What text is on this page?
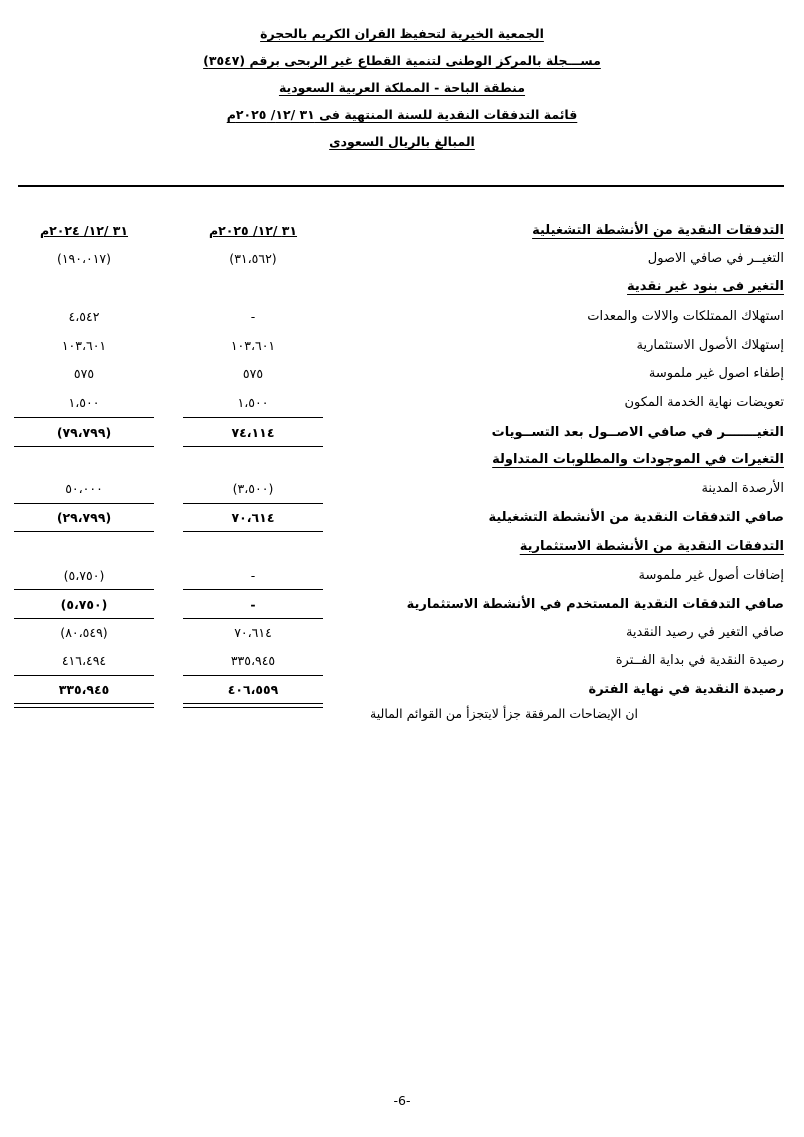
الجمعية الخيرية لتحفيظ القران الكريم بالحجرة
مســـجلة بالمركز الوطنى لتنمية القطاع غير الربحى برقم (٣٥٤٧)
منطقة الباحة - المملكة العربية السعودية
قائمة التدفقات النقدية للسنة المنتهية فى ٣١ /١٢/ ٢٠٢٥م
المبالغ بالريال السعودى
٣١ /١٢/ ٢٠٢٥م
٣١ /١٢/ ٢٠٢٤م	التدفقات النقدية من الأنشطة التشغيلية
التغيــر في صافي الاصول
(٣١،٥٦٢)
(١٩٠،٠١٧)
التغير فى بنود غير نقدية
استهلاك الممتلكات والالات والمعدات
-
٤،٥٤٢
إستهلاك الأصول الاستثمارية
١٠٣،٦٠١
١٠٣،٦٠١
إطفاء اصول غير ملموسة
٥٧٥
٥٧٥
تعويضات نهاية الخدمة المكون
١،٥٠٠
١،٥٠٠
التغيـــــــر في صافي الاصــول بعد التســويات
٧٤،١١٤
(٧٩،٧٩٩)
التغيرات في الموجودات والمطلوبات المتداولة
الأرصدة المدينة
(٣،٥٠٠)
٥٠،٠٠٠
صافي التدفقات النقدية من الأنشطة التشغيلية
٧٠،٦١٤
(٢٩،٧٩٩)
التدفقات النقدية من الأنشطة الاستثمارية
إضافات أصول غير ملموسة
-
(٥،٧٥٠)
صافي التدفقات النقدية المستخدم في الأنشطة الاستثمارية
-
(٥،٧٥٠)
صافي التغير في رصيد النقدية
٧٠،٦١٤
(٨٠،٥٤٩)
رصيدة النقدية في بداية الفــترة
٣٣٥،٩٤٥
٤١٦،٤٩٤
رصيدة النقدية في نهاية الفترة
٤٠٦،٥٥٩
٣٣٥،٩٤٥
ان الإيضاحات المرفقة جزأ لايتجزأ من القوائم المالية
-6-
